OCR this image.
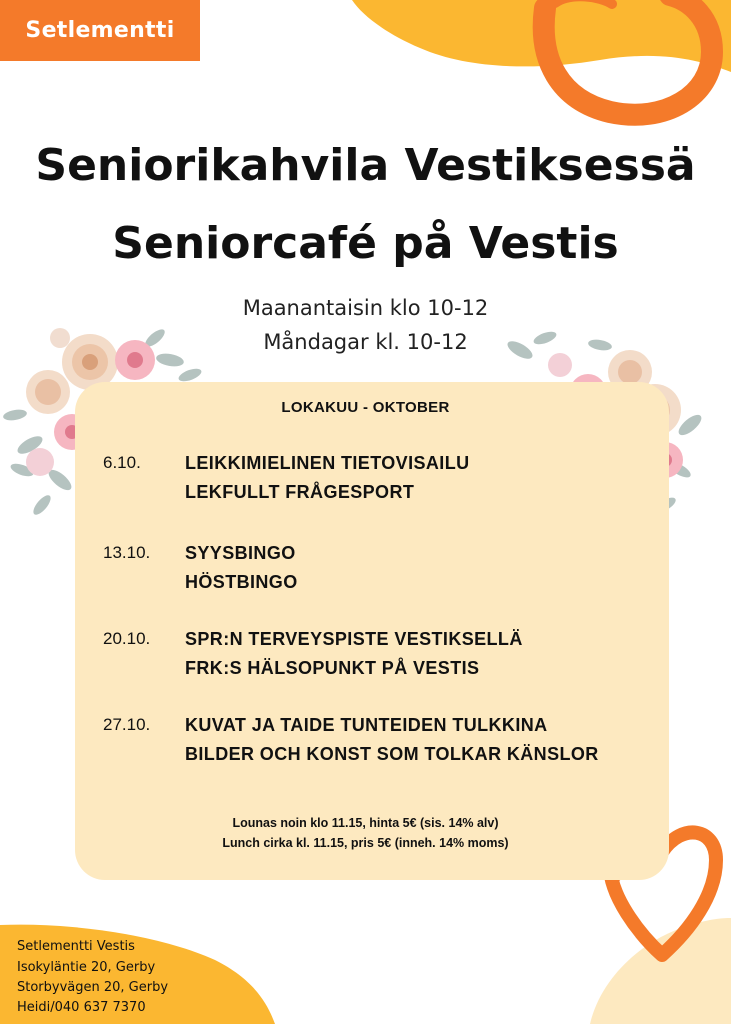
Setlementti
Seniorikahvila Vestiksessä
Seniorcafé på Vestis
Maanantaisin klo 10-12
Måndagar kl. 10-12
LOKAKUU - OKTOBER
6.10. LEIKKIMIELINEN TIETOVISAILU
LEKFULLT FRÅGESPORT
13.10. SYYSBINGO
HÖSTBINGO
20.10. SPR:N TERVEYSPISTE VESTIKSELLÄ
FRK:S HÄLSOPUNKT PÅ VESTIS
27.10. KUVAT JA TAIDE TUNTEIDEN TULKKINA
BILDER OCH KONST SOM TOLKAR KÄNSLOR
Lounas noin klo 11.15, hinta 5€ (sis. 14% alv)
Lunch cirka kl. 11.15, pris 5€ (inneh. 14% moms)
Setlementti Vestis
Isokyläntie 20, Gerby
Storbyvägen 20, Gerby
Heidi/040 637 7370
